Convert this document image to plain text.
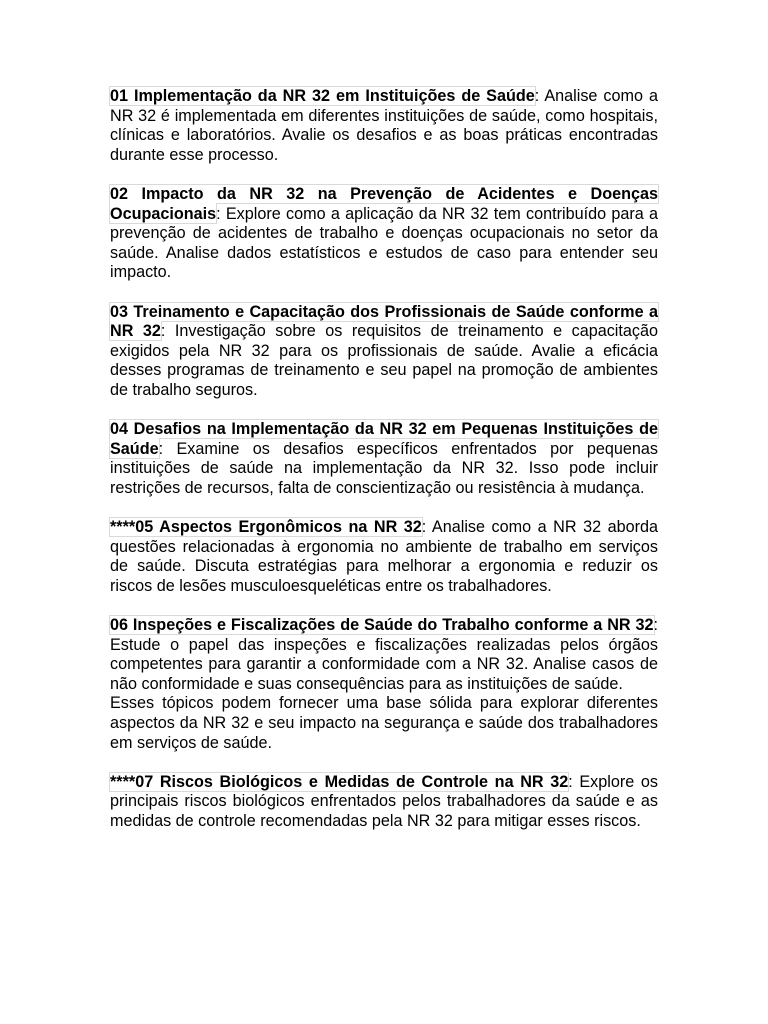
01 Implementação da NR 32 em Instituições de Saúde: Analise como a NR 32 é implementada em diferentes instituições de saúde, como hospitais, clínicas e laboratórios. Avalie os desafios e as boas práticas encontradas durante esse processo.

02 Impacto da NR 32 na Prevenção de Acidentes e Doenças Ocupacionais: Explore como a aplicação da NR 32 tem contribuído para a prevenção de acidentes de trabalho e doenças ocupacionais no setor da saúde. Analise dados estatísticos e estudos de caso para entender seu impacto.

03 Treinamento e Capacitação dos Profissionais de Saúde conforme a NR 32: Investigação sobre os requisitos de treinamento e capacitação exigidos pela NR 32 para os profissionais de saúde. Avalie a eficácia desses programas de treinamento e seu papel na promoção de ambientes de trabalho seguros.

04 Desafios na Implementação da NR 32 em Pequenas Instituições de Saúde: Examine os desafios específicos enfrentados por pequenas instituições de saúde na implementação da NR 32. Isso pode incluir restrições de recursos, falta de conscientização ou resistência à mudança.

****05 Aspectos Ergonômicos na NR 32: Analise como a NR 32 aborda questões relacionadas à ergonomia no ambiente de trabalho em serviços de saúde. Discuta estratégias para melhorar a ergonomia e reduzir os riscos de lesões musculoesqueléticas entre os trabalhadores.

06 Inspeções e Fiscalizações de Saúde do Trabalho conforme a NR 32: Estude o papel das inspeções e fiscalizações realizadas pelos órgãos competentes para garantir a conformidade com a NR 32. Analise casos de não conformidade e suas consequências para as instituições de saúde.
Esses tópicos podem fornecer uma base sólida para explorar diferentes aspectos da NR 32 e seu impacto na segurança e saúde dos trabalhadores em serviços de saúde.

****07 Riscos Biológicos e Medidas de Controle na NR 32: Explore os principais riscos biológicos enfrentados pelos trabalhadores da saúde e as medidas de controle recomendadas pela NR 32 para mitigar esses riscos.
